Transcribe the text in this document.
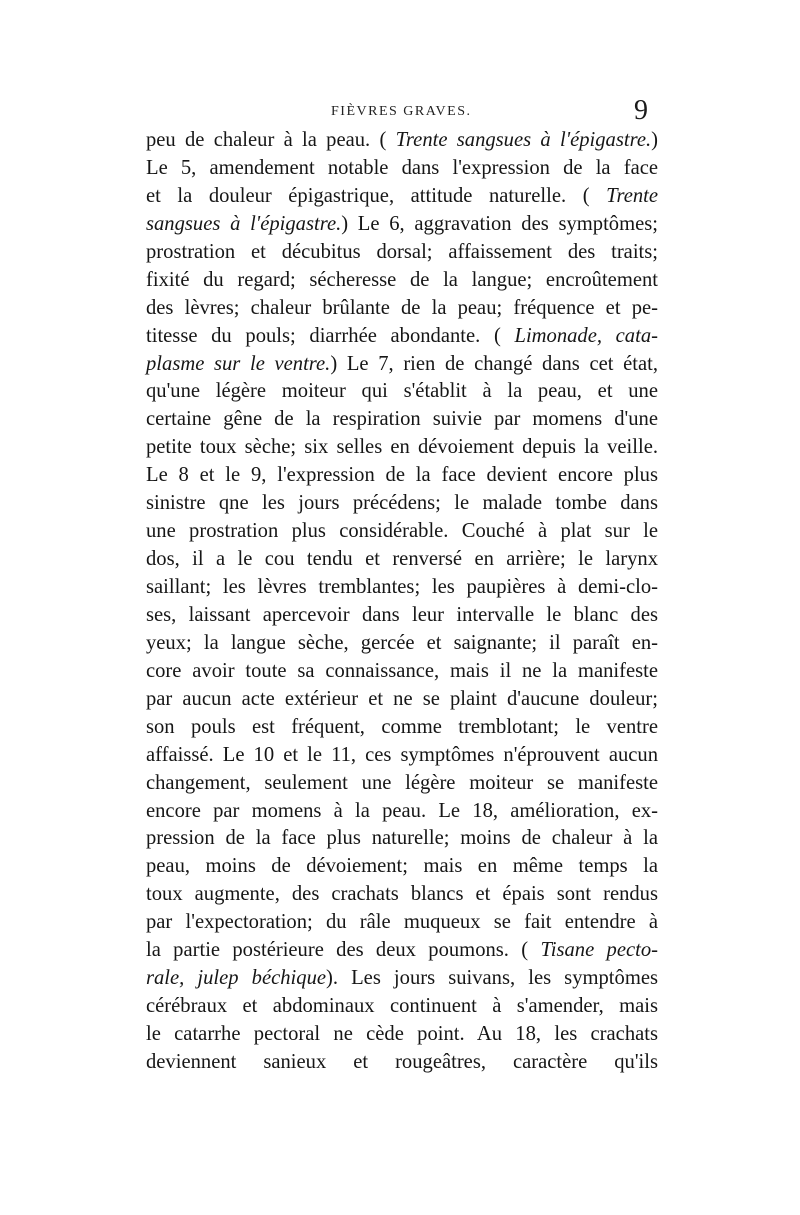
FIÈVRES GRAVES.	9
peu de chaleur à la peau. ( Trente sangsues à l'épigastre.)
Le 5, amendement notable dans l'expression de la face
et la douleur épigastrique, attitude naturelle. ( Trente
sangsues à l'épigastre.) Le 6, aggravation des symptômes;
prostration et décubitus dorsal; affaissement des traits;
fixité du regard; sécheresse de la langue; encroûtement
des lèvres; chaleur brûlante de la peau; fréquence et pe-
titesse du pouls; diarrhée abondante. ( Limonade, cata-
plasme sur le ventre.) Le 7, rien de changé dans cet état,
qu'une légère moiteur qui s'établit à la peau, et une
certaine gêne de la respiration suivie par momens d'une
petite toux sèche; six selles en dévoiement depuis la veille.
Le 8 et le 9, l'expression de la face devient encore plus
sinistre qne les jours précédens; le malade tombe dans
une prostration plus considérable. Couché à plat sur le
dos, il a le cou tendu et renversé en arrière; le larynx
saillant; les lèvres tremblantes; les paupières à demi-clo-
ses, laissant apercevoir dans leur intervalle le blanc des
yeux; la langue sèche, gercée et saignante; il paraît en-
core avoir toute sa connaissance, mais il ne la manifeste
par aucun acte extérieur et ne se plaint d'aucune douleur;
son pouls est fréquent, comme tremblotant; le ventre
affaissé. Le 10 et le 11, ces symptômes n'éprouvent aucun
changement, seulement une légère moiteur se manifeste
encore par momens à la peau. Le 18, amélioration, ex-
pression de la face plus naturelle; moins de chaleur à la
peau, moins de dévoiement; mais en même temps la
toux augmente, des crachats blancs et épais sont rendus
par l'expectoration; du râle muqueux se fait entendre à
la partie postérieure des deux poumons. ( Tisane pecto-
rale, julep béchique). Les jours suivans, les symptômes
cérébraux et abdominaux continuent à s'amender, mais
le catarrhe pectoral ne cède point. Au 18, les crachats
deviennent sanieux et rougeâtres, caractère qu'ils
